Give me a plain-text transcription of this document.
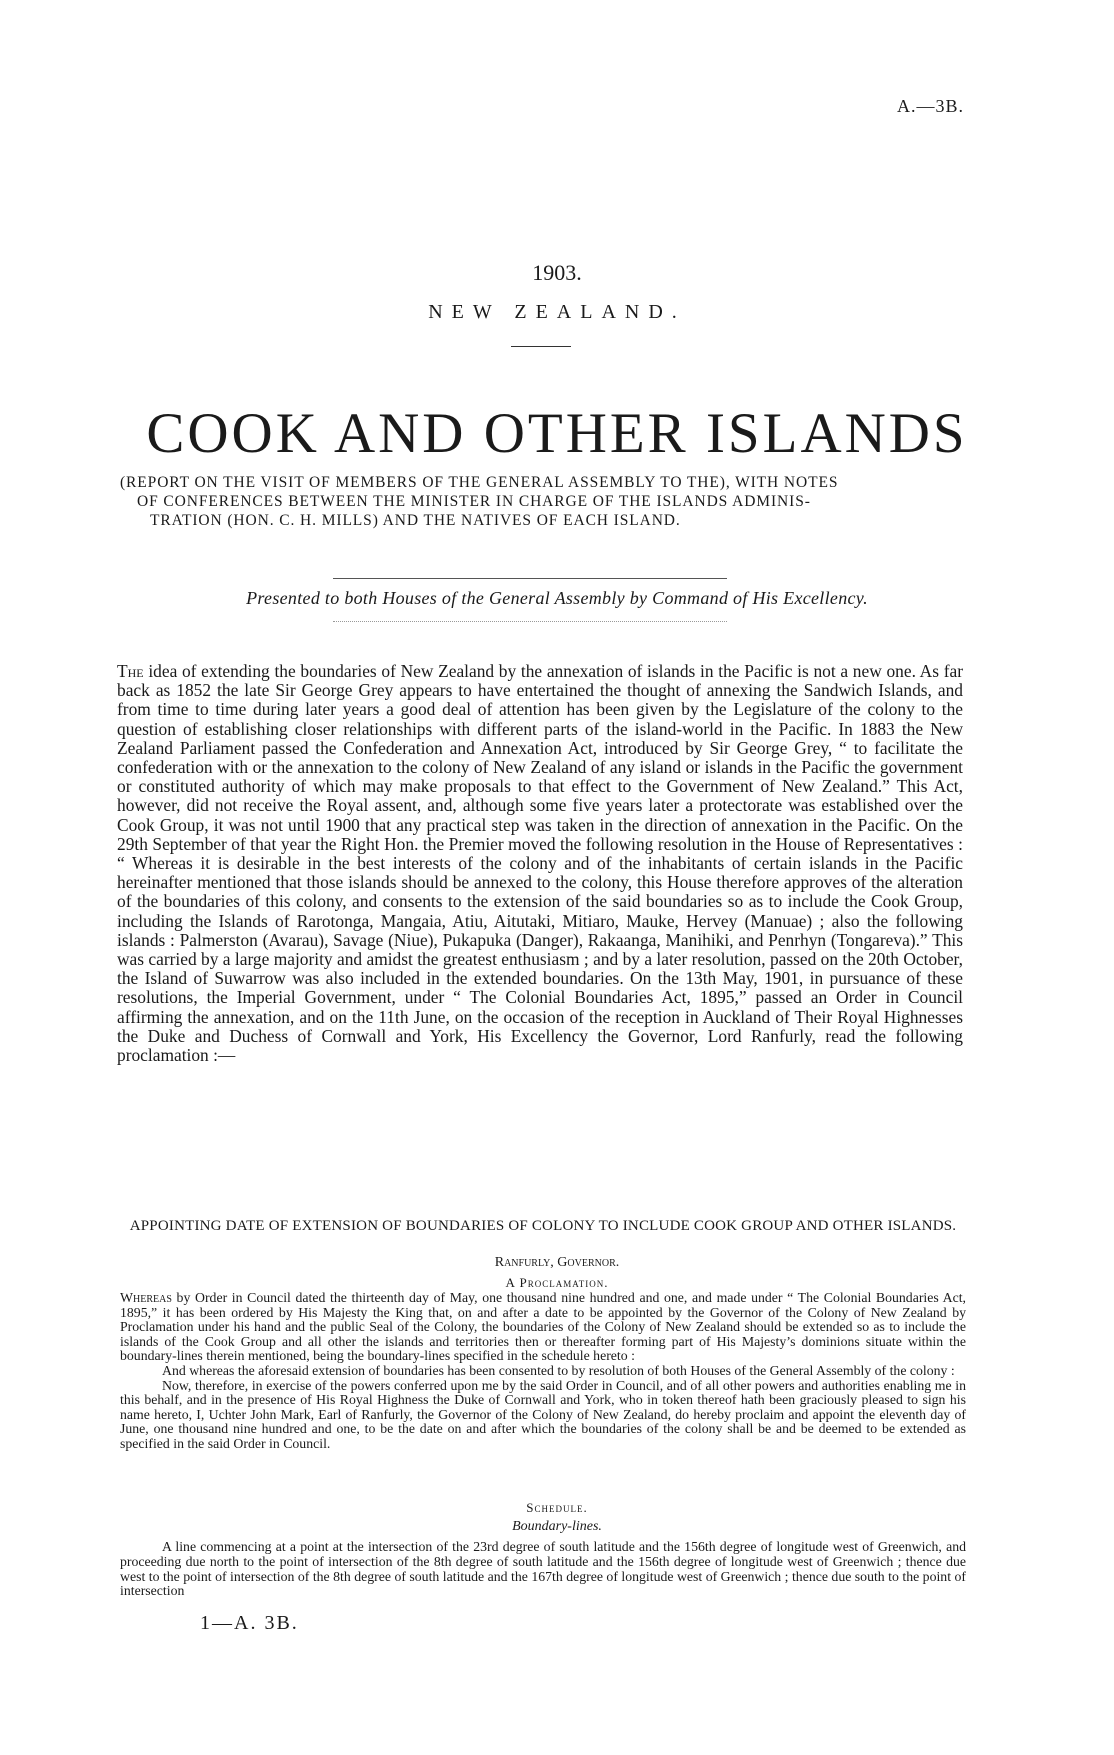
A.—3B.
1903.
NEW ZEALAND.
COOK AND OTHER ISLANDS
(REPORT ON THE VISIT OF MEMBERS OF THE GENERAL ASSEMBLY TO THE), WITH NOTES
OF CONFERENCES BETWEEN THE MINISTER IN CHARGE OF THE ISLANDS ADMINIS-
TRATION (HON. C. H. MILLS) AND THE NATIVES OF EACH ISLAND.
Presented to both Houses of the General Assembly by Command of His Excellency.

The idea of extending the boundaries of New Zealand by the annexation of islands in the Pacific is not a new one. As far back as 1852 the late Sir George Grey appears to have entertained the thought of annexing the Sandwich Islands, and from time to time during later years a good deal of attention has been given by the Legislature of the colony to the question of establishing closer relationships with different parts of the island-world in the Pacific. In 1883 the New Zealand Parliament passed the Confederation and Annexation Act, introduced by Sir George Grey, “ to facilitate the confederation with or the annexation to the colony of New Zealand of any island or islands in the Pacific the government or constituted authority of which may make proposals to that effect to the Government of New Zealand.” This Act, however, did not receive the Royal assent, and, although some five years later a protectorate was established over the Cook Group, it was not until 1900 that any practical step was taken in the direction of annexation in the Pacific. On the 29th September of that year the Right Hon. the Premier moved the following resolution in the House of Representatives : “ Whereas it is desirable in the best interests of the colony and of the inhabitants of certain islands in the Pacific hereinafter mentioned that those islands should be annexed to the colony, this House therefore approves of the alteration of the boundaries of this colony, and consents to the extension of the said boundaries so as to include the Cook Group, including the Islands of Rarotonga, Mangaia, Atiu, Aitutaki, Mitiaro, Mauke, Hervey (Manuae) ; also the following islands : Palmerston (Avarau), Savage (Niue), Pukapuka (Danger), Rakaanga, Manihiki, and Penrhyn (Tongareva).” This was carried by a large majority and amidst the greatest enthusiasm ; and by a later resolution, passed on the 20th October, the Island of Suwarrow was also included in the extended boundaries. On the 13th May, 1901, in pursuance of these resolutions, the Imperial Government, under “ The Colonial Boundaries Act, 1895,” passed an Order in Council affirming the annexation, and on the 11th June, on the occasion of the reception in Auckland of Their Royal Highnesses the Duke and Duchess of Cornwall and York, His Excellency the Governor, Lord Ranfurly, read the following proclamation :—

APPOINTING DATE OF EXTENSION OF BOUNDARIES OF COLONY TO INCLUDE COOK GROUP AND OTHER ISLANDS.
Ranfurly, Governor.
A Proclamation.

Whereas by Order in Council dated the thirteenth day of May, one thousand nine hundred and one, and made under “ The Colonial Boundaries Act, 1895,” it has been ordered by His Majesty the King that, on and after a date to be appointed by the Governor of the Colony of New Zealand by Proclamation under his hand and the public Seal of the Colony, the boundaries of the Colony of New Zealand should be extended so as to include the islands of the Cook Group and all other the islands and territories then or thereafter forming part of His Majesty’s dominions situate within the boundary-lines therein mentioned, being the boundary-lines specified in the schedule hereto :

And whereas the aforesaid extension of boundaries has been consented to by resolution of both Houses of the General Assembly of the colony :

Now, therefore, in exercise of the powers conferred upon me by the said Order in Council, and of all other powers and authorities enabling me in this behalf, and in the presence of His Royal Highness the Duke of Cornwall and York, who in token thereof hath been graciously pleased to sign his name hereto, I, Uchter John Mark, Earl of Ranfurly, the Governor of the Colony of New Zealand, do hereby proclaim and appoint the eleventh day of June, one thousand nine hundred and one, to be the date on and after which the boundaries of the colony shall be and be deemed to be extended as specified in the said Order in Council.

Schedule.
Boundary-lines.

A line commencing at a point at the intersection of the 23rd degree of south latitude and the 156th degree of longitude west of Greenwich, and proceeding due north to the point of intersection of the 8th degree of south latitude and the 156th degree of longitude west of Greenwich ; thence due west to the point of intersection of the 8th degree of south latitude and the 167th degree of longitude west of Greenwich ; thence due south to the point of intersection

1—A. 3B.
